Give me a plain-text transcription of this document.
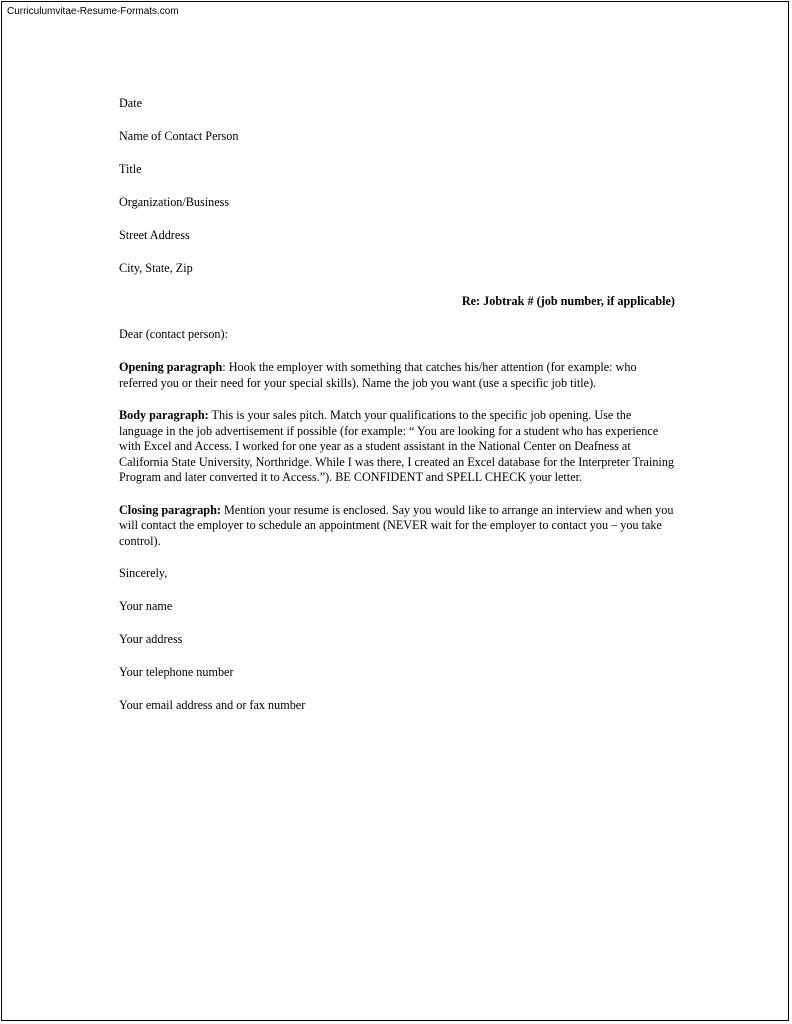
Curriculumvitae-Resume-Formats.com
Date
Name of Contact Person
Title
Organization/Business
Street Address
City, State, Zip
Re: Jobtrak # (job number, if applicable)
Dear (contact person):
Opening paragraph: Hook the employer with something that catches his/her attention (for example: who referred you or their need for your special skills). Name the job you want (use a specific job title).
Body paragraph: This is your sales pitch. Match your qualifications to the specific job opening. Use the language in the job advertisement if possible (for example: “ You are looking for a student who has experience with Excel and Access. I worked for one year as a student assistant in the National Center on Deafness at California State University, Northridge. While I was there, I created an Excel database for the Interpreter Training Program and later converted it to Access.”). BE CONFIDENT and SPELL CHECK your letter.
Closing paragraph: Mention your resume is enclosed. Say you would like to arrange an interview and when you will contact the employer to schedule an appointment (NEVER wait for the employer to contact you – you take control).
Sincerely,
Your name
Your address
Your telephone number
Your email address and or fax number
